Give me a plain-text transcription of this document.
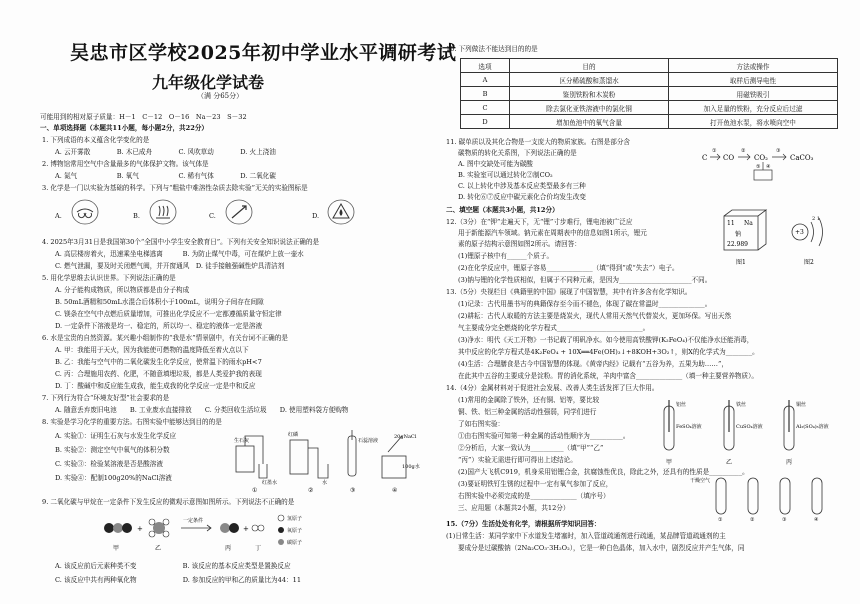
吴忠市区学校2025年初中学业水平调研考试
九年级化学试卷
（满 分65分）
可能用到的相对原子质量：H－1　C－12　O－16　Na－23　S－32
一、单项选择题（本题共11小题，每小题2分，共22分）
1. 下列成语的本义蕴含化学变化的是
A. 云开雾散　　　　B. 木已成舟　　　　C. 风吹草动　　　　D. 火上浇油
2. 博物馆常用空气中含量最多的气体保护文物。该气体是
A. 氮气　　　　　　B. 氧气　　　　　　C. 稀有气体　　　　D. 二氧化碳
3. 化学是一门以实验为基础的科学。下列与“粗盐中难溶性杂质去除实验”无关的实验图标是
A.	B.	C.	D.
4. 2025年3月31日是我国第30个“全国中小学生安全教育日”。下列有关安全知识说法正确的是
A. 高层楼房着火，迅速乘坐电梯逃离　　　B. 为防止煤气中毒，可在煤炉上放一壶水
C. 燃气泄漏，要及时关闭燃气阀，并开窗通风　D. 徒手接触强碱性炉具清洁剂
5. 用化学思维去认识世界。下列说法正确的是
A. 分子能构成物质，所以物质都是由分子构成
B. 50mL酒精和50mL水混合后体积小于100mL，说明分子间存在间隙
C. 镁条在空气中点燃后质量增加，可推出化学反应不一定都遵循质量守恒定律
D. 一定条件下溶液是均一、稳定的，所以均一、稳定的液体一定是溶液
6. 水是宝贵的自然资源。某兴趣小组制作的“我是水”情景剧中，有关台词不正确的是
A. 甲：我能用于天火，因为我能使可燃物的温度降低至着火点以下
B. 乙：我能与空气中的二氧化碳发生化学反应，使常温下的雨水pH<7
C. 丙：合理施用农药、化肥，不随意填埋垃圾，都是人类爱护我的表现
D. 丁：酸碱中和反应能生成我，能生成我的化学反应一定是中和反应
7. 下列行为符合“环境友好型”社会要求的是
A. 随意丢弃废旧电池　　B. 工业废水直接排放　　C. 分类回收生活垃圾　　D. 使用塑料袋方便购物
8. 实验是学习化学的重要方法。右图实验中能够达到目的的是
A. 实验①：证明生石灰与水发生化学反应
B. 实验②：测定空气中氧气的体积分数
C. 实验③：检验某溶液是否是酸溶液
D. 实验④：配制100g20%的NaCl溶液
生石灰
红墨水
①
红磷
水
②
石蕊溶液
③
20gNaCl
100g水
④
9. 二氧化碳与甲烷在一定条件下发生反应的微观示意图如图所示。下列说法不正确的是
甲
+
乙
一定条件
丙
+
丁
氢原子
氧原子
碳原子
A. 该反应前后元素种类不变　　　　　　　B. 该反应的基本反应类型是置换反应
C. 该反应中共有两种氧化物　　　　　　　D. 参加反应的甲和乙的质量比为44：11
10. 下列做法不能达到目的的是
选项	目的	方法或操作
A	区分稀硫酸和蒸馏水	取样后测导电性
B	鉴别铁粉和木炭粉	用磁铁吸引
C	除去氯化亚铁溶液中的氯化铜	加入足量的铁粉，充分反应后过滤
D	增加鱼池中的氧气含量	打开鱼池水泵，将水喷向空中
11. 碳单质以及其化合物是一支庞大的物质家族。右图是部分含
碳物质的转化关系图，下列说法正确的是
A. 图中交缺处可能为碳酸
B. 实验室可以通过转化②制CO₂
C. 以上转化中涉及基本反应类型最多有三种
D. 转化⑥⑦反应中碳元素化合价均发生改变
C CO	CO₂	CaCO₃
①	②	③
④
⑤
二、填空题（本题共3小题，共12分）
12.（3分）在“钾”走遍天下，无“锂”寸步难行，锂电池被广泛应
用于新能源汽车领域。钠元素在周期表中的信息如图1所示，锂元
素的原子结构示意图如图2所示。请回答：
(1)锂原子核中有______个质子。
(2)在化学反应中，锂原子容易______________（填“得到”或“失去”）电子。
(3)钠与锂的化学性质相似，但属于不同种元素，是因为______________________不同。
11 Na
钠
22.989
图1
+3
2 1
图2
13.（5分）央视栏目《典籍里的中国》展现了中国智慧，其中有许多含有化学知识。
(1)记录：古代用墨书写的典籍保存至今而不褪色，体现了碳在常温时______________。
(2)耕耘：古代人取暖的方法主要是烧炭火，现代人常用天然气代替炭火，更加环保。写出天然
气主要成分完全燃烧的化学方程式__________________________。
(3)净水：明代《天工开物》一书记载了明矾净水。如今使用高铁酸钾(K₂FeO₄)不仅能净水还能消毒，
其中反应的化学方程式是4K₂FeO₄ + 10X══4Fe(OH)₃↓+8KOH+3O₂↑，则X的化学式为________。
(4)生活：合理膳食是古今中国智慧的体现。《黄帝内经》记载有“五谷为养，五果为助……”，
在此其中五谷的主要成分是淀粉。胃的消化系统，羊肉中富含______________（填一种主要营养物质）。
14.（4分）金属材料对于促进社会发展、改善人类生活发挥了巨大作用。
(1)常用的金属除了铁外，还有铜、铝等，要比较
铜、铁、铝三种金属的活动性强弱，同学们进行
了如右图实验：
①由右图实验可知第一种金属的活动性顺序为__________。
②分析后，大家一致认为__________（填“甲”“乙”
“丙”）实验无需进行即可得出上述结论。
(2)国产大飞机C919，机身采用铝锂合金，抗腐蚀性优良，除此之外，还具有的性质是__________。
铝丝
FeSO₄溶液
甲
铁丝
CuSO₄溶液
乙
铜丝
Al₂(SO₄)₃溶液
丙
干燥空气
①	②	③	④
(3)要证明铁钉生锈的过程中一定有氧气参加了反应，
右图实验中必须完成的是______________（填序号）
三、应用题（本题共2小题，共12分）
15.（7分）生活处处有化学，请根据所学知识回答：
(1)日常生活：某同学家中下水道发生堵塞时，加入管道疏通剂进行疏通，某品牌管道疏通剂的主
要成分是过碳酸钠（2Na₂CO₃·3H₂O₂），它是一种白色晶体，加入水中，剧烈反应并产生气体，同
